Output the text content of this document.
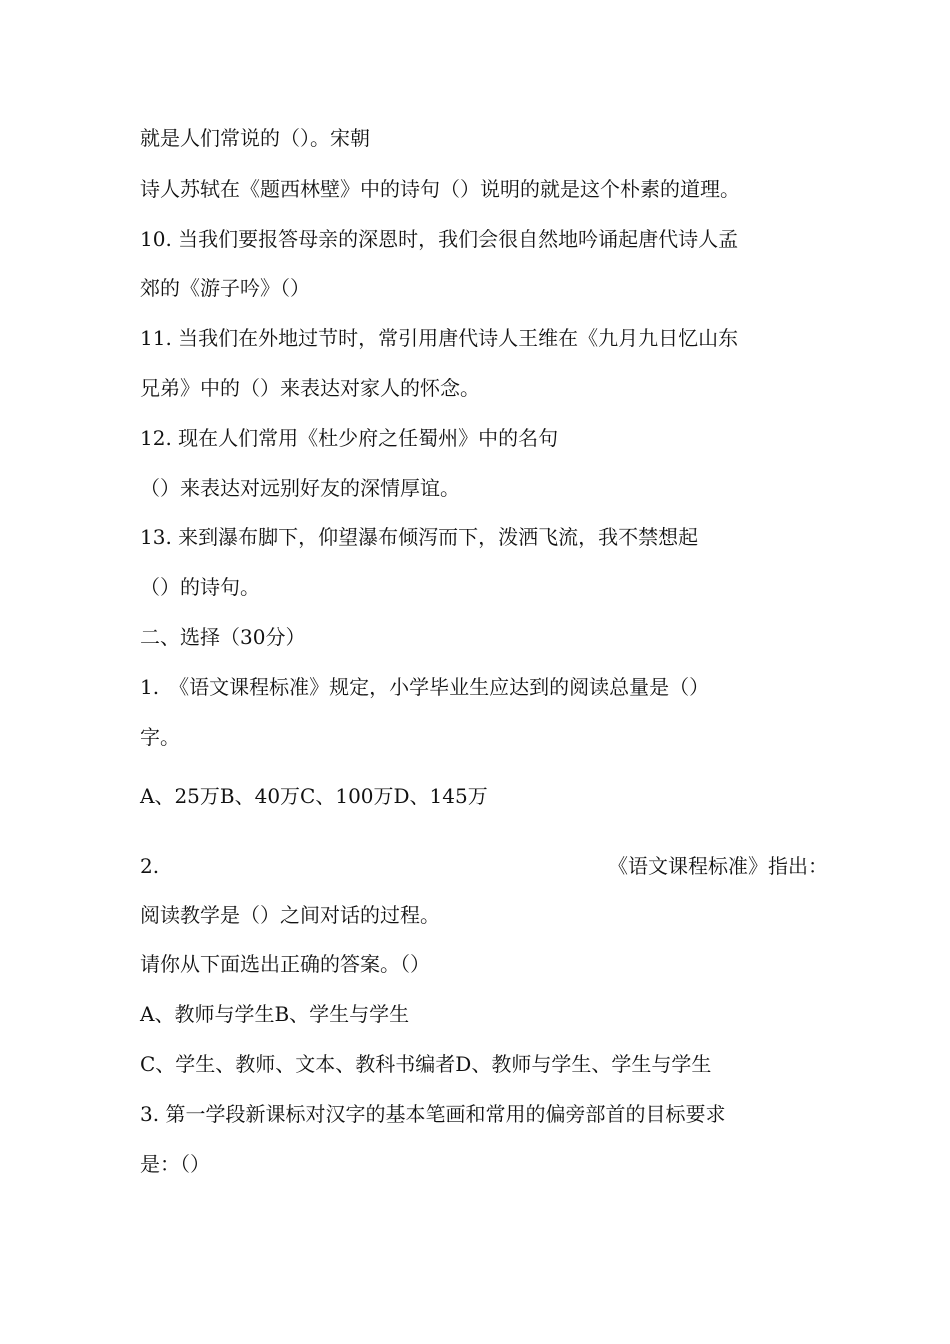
就是人们常说的（）。宋朝
诗人苏轼在《题西林壁》中的诗句（）说明的就是这个朴素的道理。
10. 当我们要报答母亲的深恩时，我们会很自然地吟诵起唐代诗人孟
郊的《游子吟》（）
11. 当我们在外地过节时，常引用唐代诗人王维在《九月九日忆山东
兄弟》中的（）来表达对家人的怀念。
12. 现在人们常用《杜少府之任蜀州》中的名句
（）来表达对远别好友的深情厚谊。
13. 来到瀑布脚下，仰望瀑布倾泻而下，泼洒飞流，我不禁想起
（）的诗句。
二、选择（30分）
1.　《语文课程标准》规定，小学毕业生应达到的阅读总量是（）
字。
A、25万B、40万C、100万D、145万
2.	《语文课程标准》指出：
阅读教学是（）之间对话的过程。
请你从下面选出正确的答案。（）
A、教师与学生B、学生与学生
C、学生、教师、文本、教科书编者D、教师与学生、学生与学生
3. 第一学段新课标对汉字的基本笔画和常用的偏旁部首的目标要求
是：（）
